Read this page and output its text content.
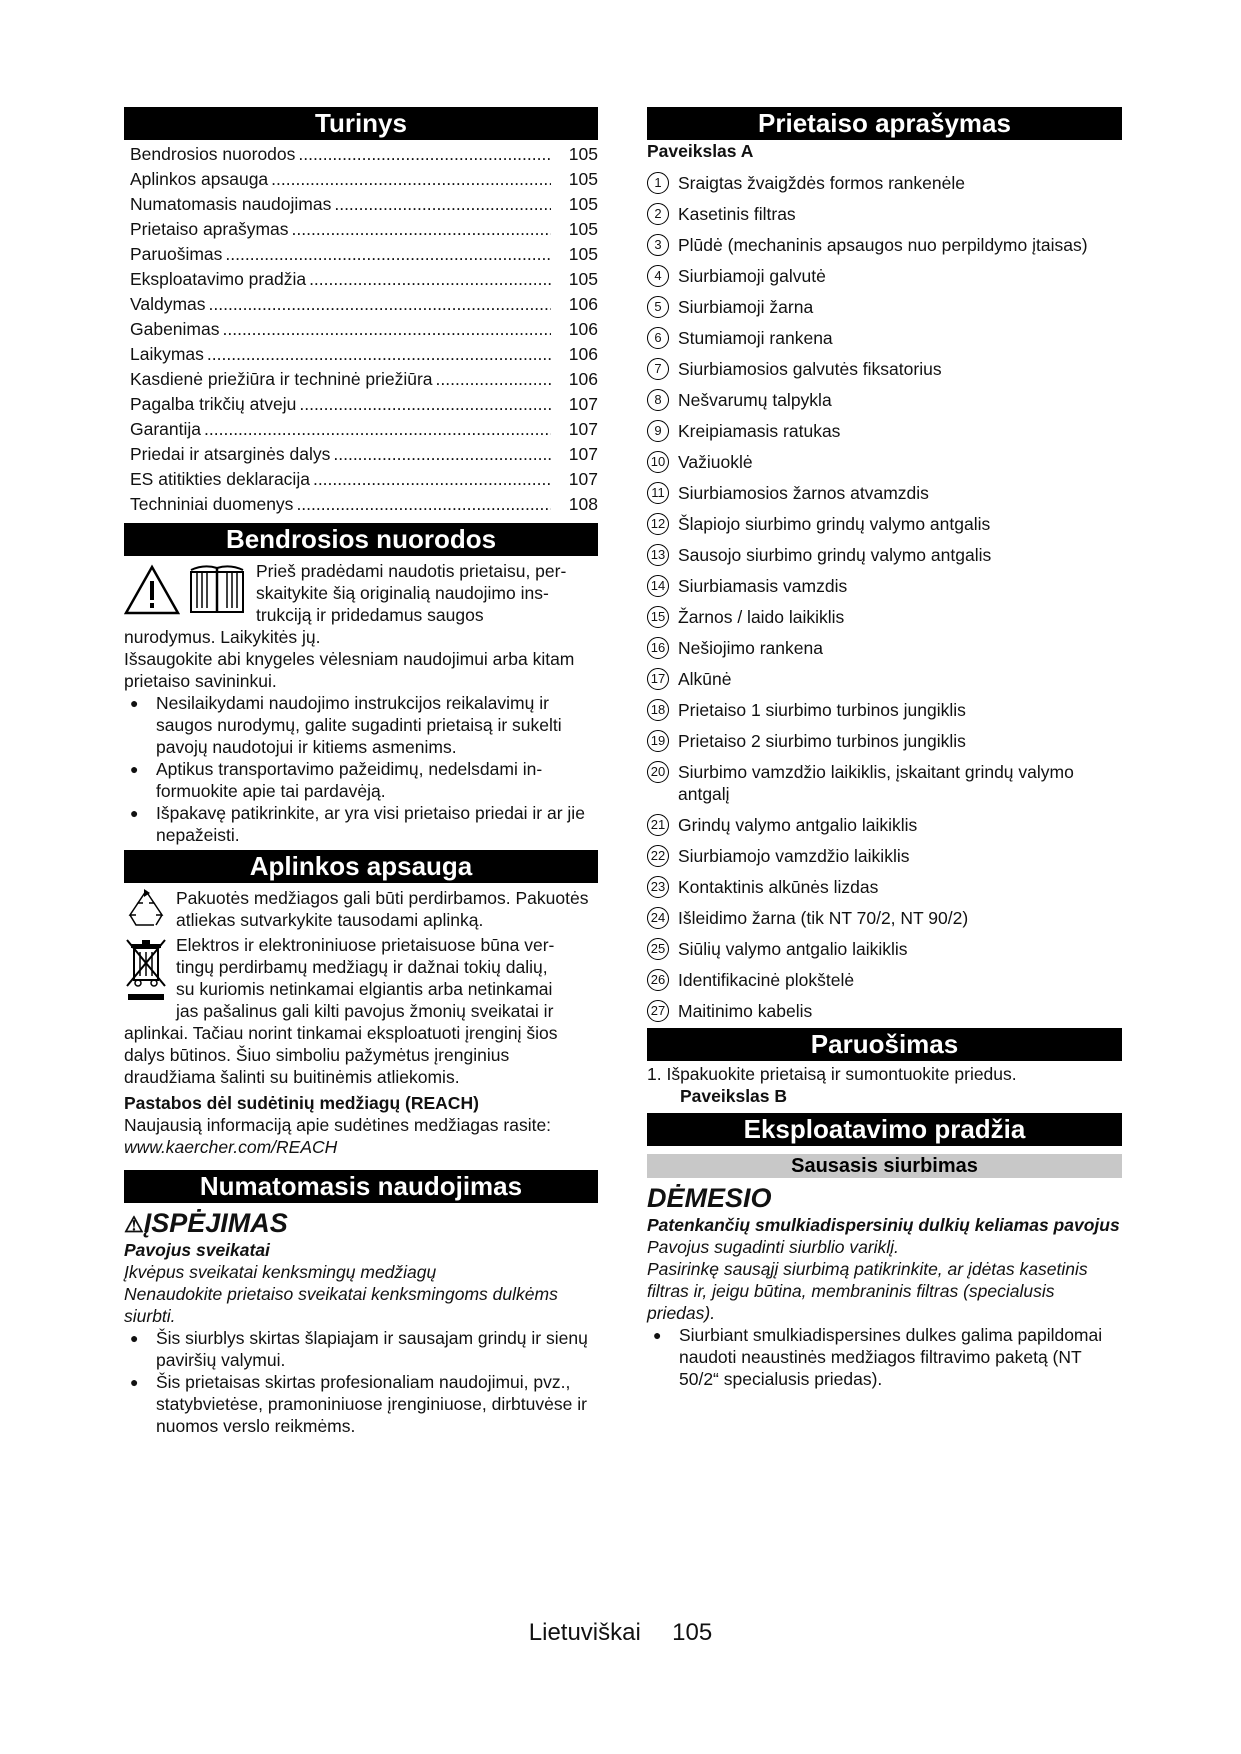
Turinys
Bendrosios nuorodos .....	105
Aplinkos apsauga .....	105
Numatomasis naudojimas .....	105
Prietaiso aprašymas .....	105
Paruošimas .....	105
Eksploatavimo pradžia .....	105
Valdymas .....	106
Gabenimas .....	106
Laikymas .....	106
Kasdienė priežiūra ir techninė priežiūra .....	106
Pagalba trikčių atveju .....	107
Garantija .....	107
Priedai ir atsarginės dalys .....	107
ES atitikties deklaracija .....	107
Techniniai duomenys .....	108
Bendrosios nuorodos

Prieš pradėdami naudotis prietaisu, per-

skaitykite šią originalią naudojimo ins-

trukciją ir pridedamus saugos

nurodymus. Laikykitės jų.

Išsaugokite abi knygeles vėlesniam naudojimui arba kitam prietaiso savininkui.

●	Nesilaikydami naudojimo instrukcijos reikalavimų ir saugos nurodymų, galite sugadinti prietaisą ir sukelti pavojų naudotojui ir kitiems asmenims.
●	Aptikus transportavimo pažeidimų, nedelsdami informuokite apie tai pardavėją.
●	Išpakavę patikrinkite, ar yra visi prietaiso priedai ir ar jie nepažeisti.
Aplinkos apsauga

Pakuotės medžiagos gali būti perdirbamos. Pakuotės atliekas sutvarkykite tausodami aplinką.

Elektros ir elektroniniuose prietaisuose būna ver-

tingų perdirbamų medžiagų ir dažnai tokių dalių,

su kuriomis netinkamai elgiantis arba netinkamai

jas pašalinus gali kilti pavojus žmonių sveikatai ir

aplinkai. Tačiau norint tinkamai eksploatuoti įrenginį šios dalys būtinos. Šiuo simboliu pažymėtus įrenginius draudžiama šalinti su buitinėmis atliekomis.

Pastabos dėl sudėtinių medžiagų (REACH)

Naujausią informaciją apie sudėtines medžiagas rasite:

www.kaercher.com/REACH

Numatomasis naudojimas
⚠ĮSPĖJIMAS

Pavojus sveikatai

Įkvėpus sveikatai kenksmingų medžiagų

Nenaudokite prietaiso sveikatai kenksmingoms dulkėms siurbti.

●	Šis siurblys skirtas šlapiajam ir sausajam grindų ir sienų paviršių valymui.
●	Šis prietaisas skirtas profesionaliam naudojimui, pvz., statybvietėse, pramoniniuose įrenginiuose, dirbtuvėse ir nuomos verslo reikmėms.
Prietaiso aprašymas

Paveikslas A

1 Sraigtas žvaigždės formos rankenėle
2 Kasetinis filtras
3 Plūdė (mechaninis apsaugos nuo perpildymo įtaisas)
4 Siurbiamoji galvutė
5 Siurbiamoji žarna
6 Stumiamoji rankena
7 Siurbiamosios galvutės fiksatorius
8 Nešvarumų talpykla
9 Kreipiamasis ratukas
10 Važiuoklė
11 Siurbiamosios žarnos atvamzdis
12 Šlapiojo siurbimo grindų valymo antgalis
13 Sausojo siurbimo grindų valymo antgalis
14 Siurbiamasis vamzdis
15 Žarnos / laido laikiklis
16 Nešiojimo rankena
17 Alkūnė
18 Prietaiso 1 siurbimo turbinos jungiklis
19 Prietaiso 2 siurbimo turbinos jungiklis
20 Siurbimo vamzdžio laikiklis, įskaitant grindų valymo antgalį
21 Grindų valymo antgalio laikiklis
22 Siurbiamojo vamzdžio laikiklis
23 Kontaktinis alkūnės lizdas
24 Išleidimo žarna (tik NT 70/2, NT 90/2)
25 Siūlių valymo antgalio laikiklis
26 Identifikacinė plokštelė
27 Maitinimo kabelis
Paruošimas

1. Išpakuokite prietaisą ir sumontuokite priedus.

Paveikslas B

Eksploatavimo pradžia
Sausasis siurbimas
DĖMESIO

Patenkančių smulkiadispersinių dulkių keliamas pavojus

Pavojus sugadinti siurblio variklį.

Pasirinkę sausąjį siurbimą patikrinkite, ar įdėtas kasetinis filtras ir, jeigu būtina, membraninis filtras (specialusis priedas).

●	Siurbiant smulkiadispersines dulkes galima papildomai naudoti neaustinės medžiagos filtravimo paketą (NT 50/2“ specialusis priedas).
Lietuviškai 105
